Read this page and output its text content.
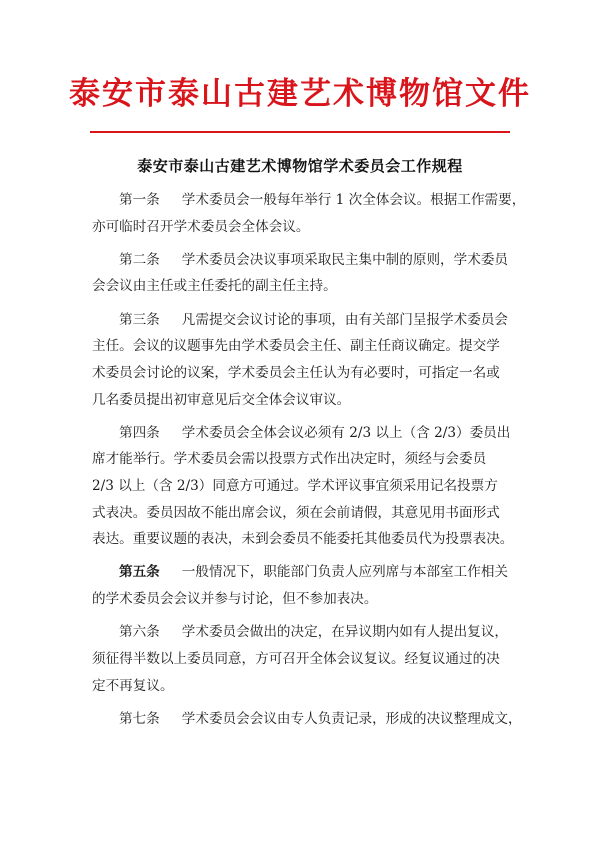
泰安市泰山古建艺术博物馆文件
泰安市泰山古建艺术博物馆学术委员会工作规程
第一条 学术委员会一般每年举行 1 次全体会议。根据工作需要，
亦可临时召开学术委员会全体会议。
第二条 学术委员会决议事项采取民主集中制的原则，学术委员
会会议由主任或主任委托的副主任主持。
第三条 凡需提交会议讨论的事项，由有关部门呈报学术委员会
主任。会议的议题事先由学术委员会主任、副主任商议确定。提交学
术委员会讨论的议案，学术委员会主任认为有必要时，可指定一名或
几名委员提出初审意见后交全体会议审议。
第四条 学术委员会全体会议必须有 2/3 以上（含 2/3）委员出
席才能举行。学术委员会需以投票方式作出决定时，须经与会委员
2/3 以上（含 2/3）同意方可通过。学术评议事宜须采用记名投票方
式表决。委员因故不能出席会议，须在会前请假，其意见用书面形式
表达。重要议题的表决，未到会委员不能委托其他委员代为投票表决。
第五条 一般情况下，职能部门负责人应列席与本部室工作相关
的学术委员会会议并参与讨论，但不参加表决。
第六条 学术委员会做出的决定，在异议期内如有人提出复议，
须征得半数以上委员同意，方可召开全体会议复议。经复议通过的决
定不再复议。
第七条 学术委员会会议由专人负责记录，形成的决议整理成文，
